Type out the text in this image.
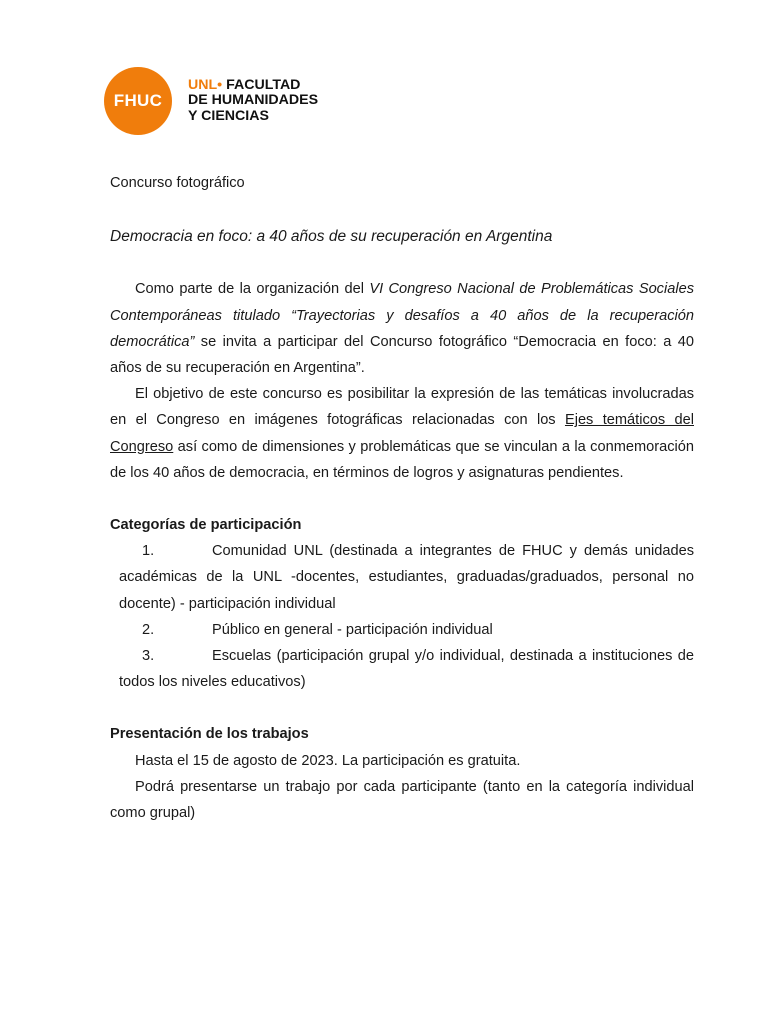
FHUC
UNL• FACULTAD
DE HUMANIDADES
Y CIENCIAS
Concurso fotográfico
Democracia en foco: a 40 años de su recuperación en Argentina

Como parte de la organización del VI Congreso Nacional de Problemáticas Sociales Contemporáneas titulado “Trayectorias y desafíos a 40 años de la recuperación democrática” se invita a participar del Concurso fotográfico “Democracia en foco: a 40 años de su recuperación en Argentina”.

El objetivo de este concurso es posibilitar la expresión de las temáticas involucradas en el Congreso en imágenes fotográficas relacionadas con los Ejes temáticos del Congreso así como de dimensiones y problemáticas que se vinculan a la conmemoración de los 40 años de democracia, en términos de logros y asignaturas pendientes.

Categorías de participación
1.	Comunidad UNL (destinada a integrantes de FHUC y demás unidades académicas de la UNL -docentes, estudiantes, graduadas/graduados, personal no docente) - participación individual
2.	Público en general - participación individual
3.	Escuelas (participación grupal y/o individual, destinada a instituciones de todos los niveles educativos)
Presentación de los trabajos

Hasta el 15 de agosto de 2023. La participación es gratuita.

Podrá presentarse un trabajo por cada participante (tanto en la categoría individual como grupal)
